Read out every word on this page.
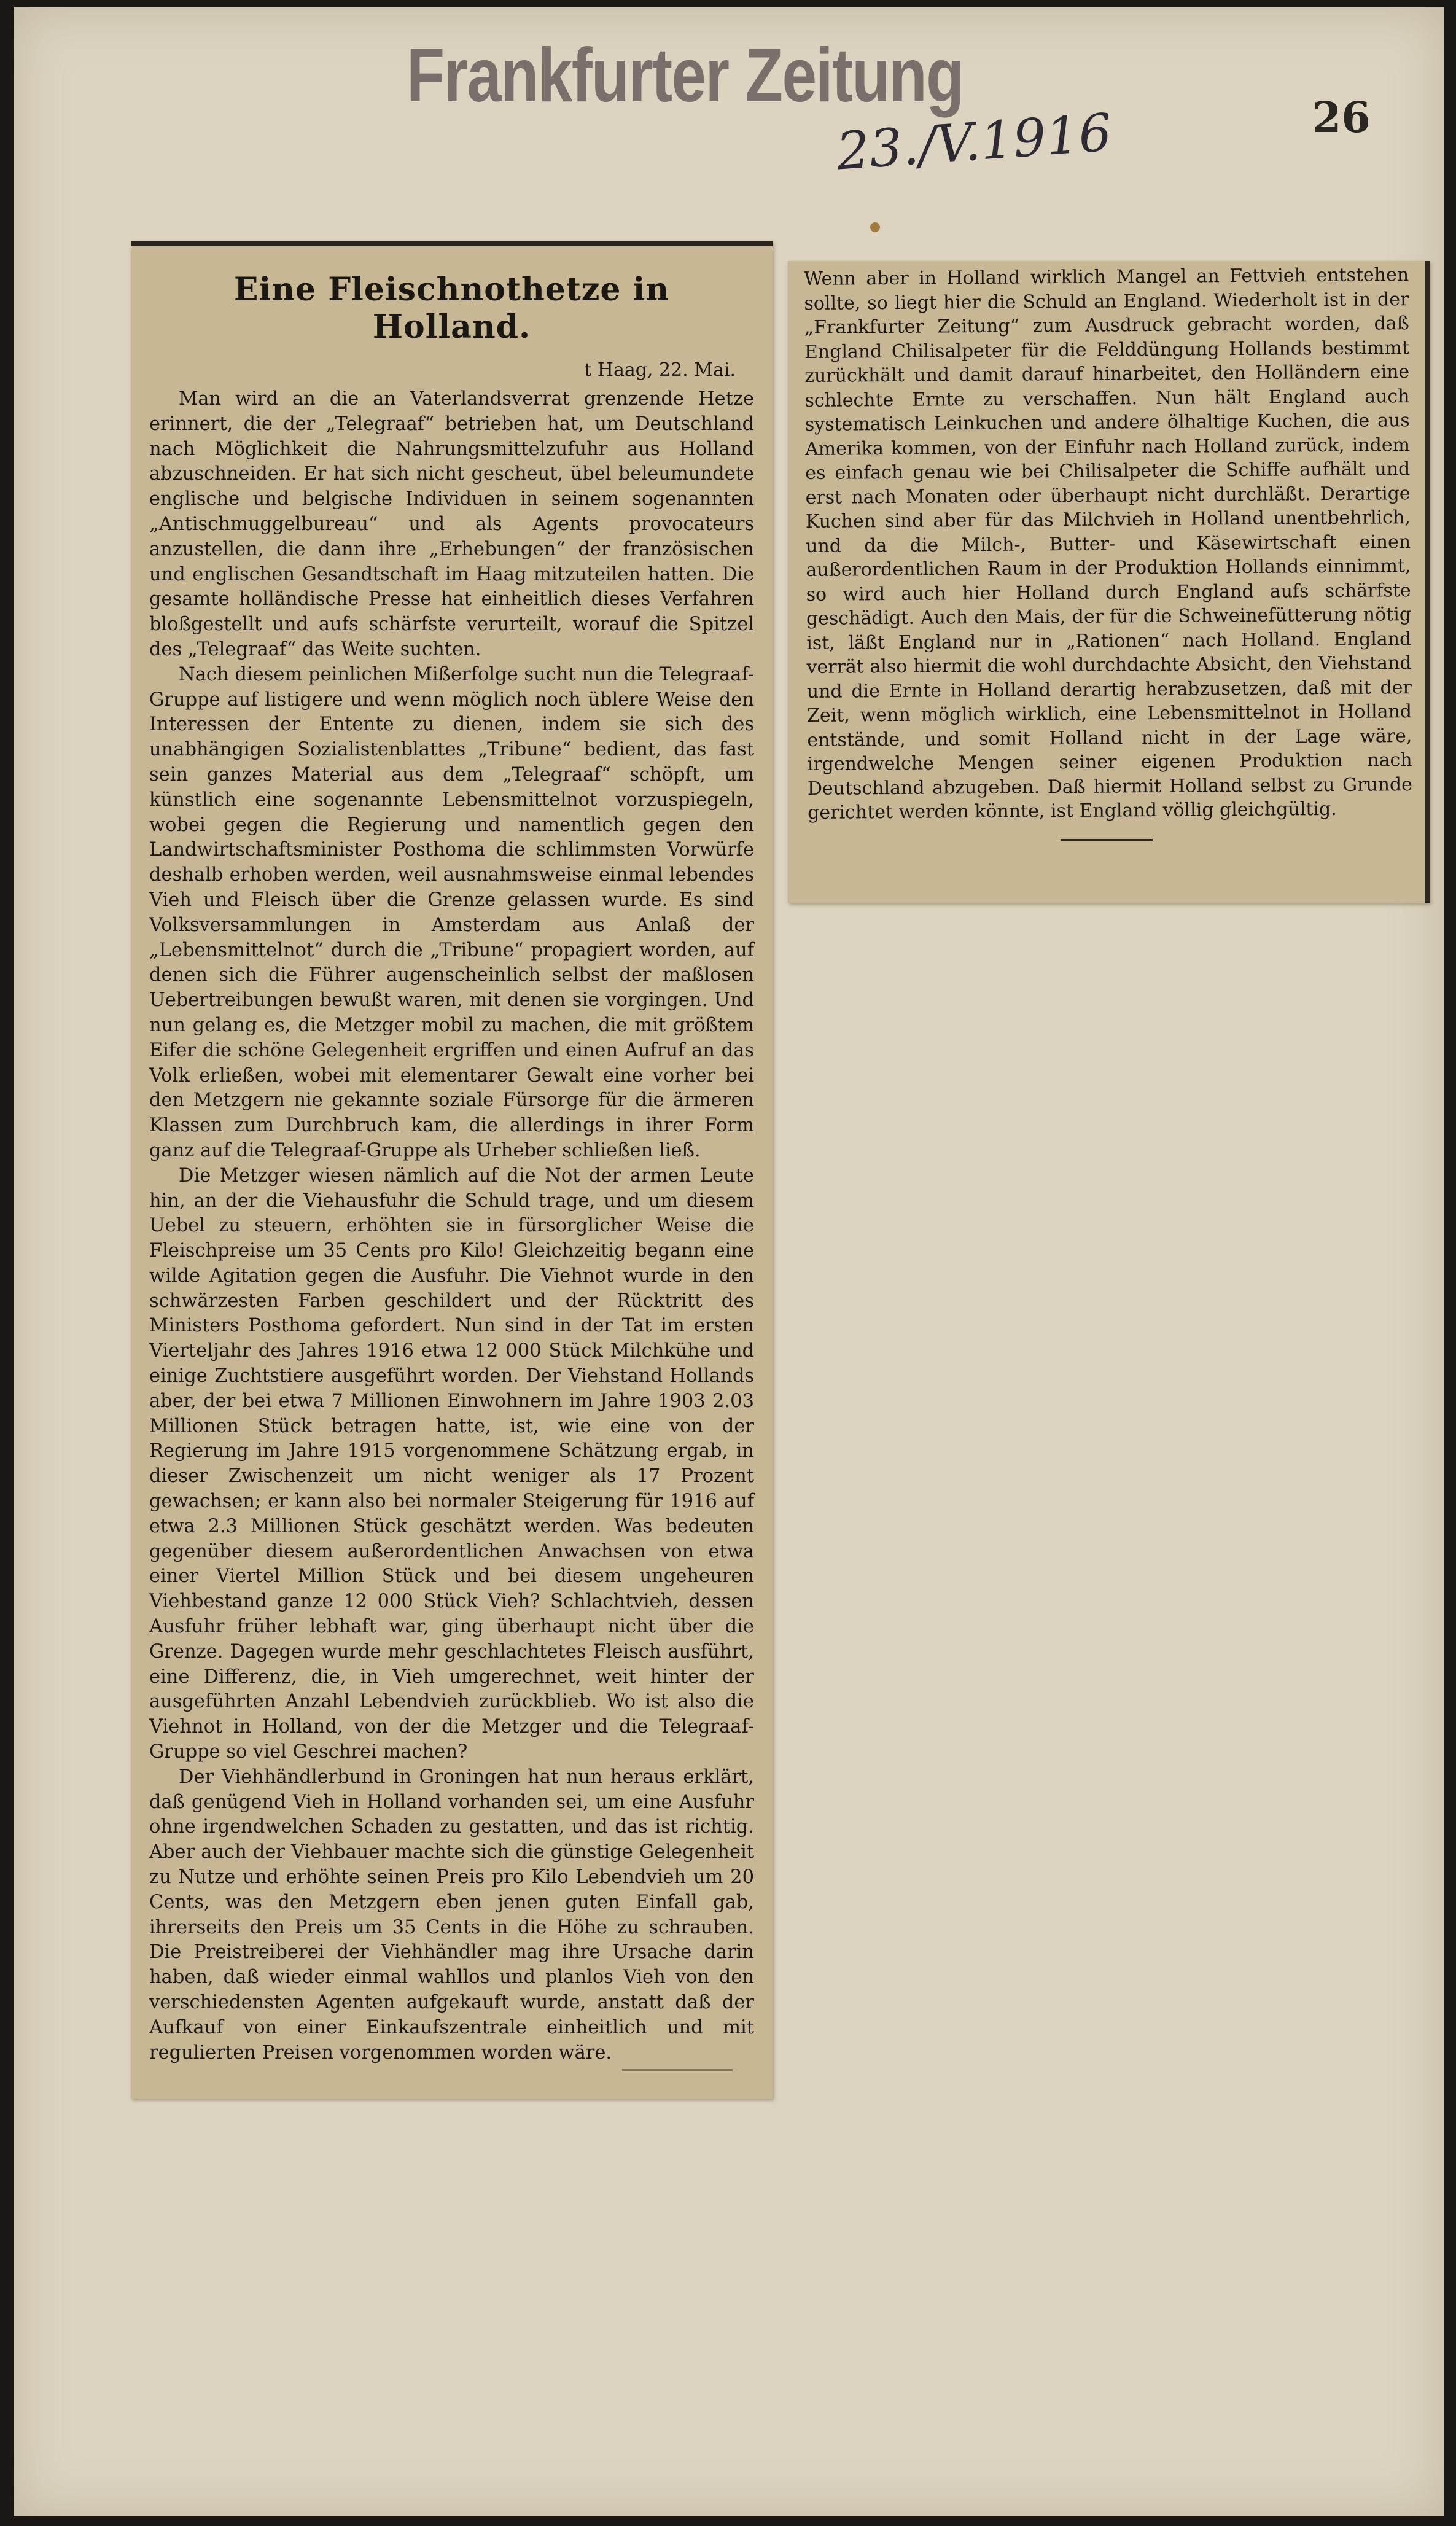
Frankfurter Zeitung
23./V.1916	26
Eine Fleischnothetze in Holland.
t Haag, 22. Mai.

Man wird an die an Vaterlandsverrat grenzende Hetze erinnert, die der „Telegraaf“ betrieben hat, um Deutschland nach Möglichkeit die Nahrungsmittelzufuhr aus Holland abzuschneiden. Er hat sich nicht gescheut, übel beleumundete englische und belgische Individuen in seinem sogenannten „Antischmuggelbureau“ und als Agents provocateurs anzustellen, die dann ihre „Erhebungen“ der französischen und englischen Gesandtschaft im Haag mitzuteilen hatten. Die gesamte holländische Presse hat einheitlich dieses Verfahren bloßgestellt und aufs schärfste verurteilt, worauf die Spitzel des „Telegraaf“ das Weite suchten.

Nach diesem peinlichen Mißerfolge sucht nun die Telegraaf-Gruppe auf listigere und wenn möglich noch üblere Weise den Interessen der Entente zu dienen, indem sie sich des unabhängigen Sozialistenblattes „Tribune“ bedient, das fast sein ganzes Material aus dem „Telegraaf“ schöpft, um künstlich eine sogenannte Lebensmittelnot vorzuspiegeln, wobei gegen die Regierung und namentlich gegen den Landwirtschaftsminister Posthoma die schlimmsten Vorwürfe deshalb erhoben werden, weil ausnahmsweise einmal lebendes Vieh und Fleisch über die Grenze gelassen wurde. Es sind Volksversammlungen in Amsterdam aus Anlaß der „Lebensmittelnot“ durch die „Tribune“ propagiert worden, auf denen sich die Führer augenscheinlich selbst der maßlosen Uebertreibungen bewußt waren, mit denen sie vorgingen. Und nun gelang es, die Metzger mobil zu machen, die mit größtem Eifer die schöne Gelegenheit ergriffen und einen Aufruf an das Volk erließen, wobei mit elementarer Gewalt eine vorher bei den Metzgern nie gekannte soziale Fürsorge für die ärmeren Klassen zum Durchbruch kam, die allerdings in ihrer Form ganz auf die Telegraaf-Gruppe als Urheber schließen ließ.

Die Metzger wiesen nämlich auf die Not der armen Leute hin, an der die Viehausfuhr die Schuld trage, und um diesem Uebel zu steuern, erhöhten sie in fürsorglicher Weise die Fleischpreise um 35 Cents pro Kilo! Gleichzeitig begann eine wilde Agitation gegen die Ausfuhr. Die Viehnot wurde in den schwärzesten Farben geschildert und der Rücktritt des Ministers Posthoma gefordert. Nun sind in der Tat im ersten Vierteljahr des Jahres 1916 etwa 12 000 Stück Milchkühe und einige Zuchtstiere ausgeführt worden. Der Viehstand Hollands aber, der bei etwa 7 Millionen Einwohnern im Jahre 1903 2.03 Millionen Stück betragen hatte, ist, wie eine von der Regierung im Jahre 1915 vorgenommene Schätzung ergab, in dieser Zwischenzeit um nicht weniger als 17 Prozent gewachsen; er kann also bei normaler Steigerung für 1916 auf etwa 2.3 Millionen Stück geschätzt werden. Was bedeuten gegenüber diesem außerordentlichen Anwachsen von etwa einer Viertel Million Stück und bei diesem ungeheuren Viehbestand ganze 12 000 Stück Vieh? Schlachtvieh, dessen Ausfuhr früher lebhaft war, ging überhaupt nicht über die Grenze. Dagegen wurde mehr geschlachtetes Fleisch ausführt, eine Differenz, die, in Vieh umgerechnet, weit hinter der ausgeführten Anzahl Lebendvieh zurückblieb. Wo ist also die Viehnot in Holland, von der die Metzger und die Telegraaf-Gruppe so viel Geschrei machen?

Der Viehhändlerbund in Groningen hat nun heraus erklärt, daß genügend Vieh in Holland vorhanden sei, um eine Ausfuhr ohne irgendwelchen Schaden zu gestatten, und das ist richtig. Aber auch der Viehbauer machte sich die günstige Gelegenheit zu Nutze und erhöhte seinen Preis pro Kilo Lebendvieh um 20 Cents, was den Metzgern eben jenen guten Einfall gab, ihrerseits den Preis um 35 Cents in die Höhe zu schrauben. Die Preistreiberei der Viehhändler mag ihre Ursache darin haben, daß wieder einmal wahllos und planlos Vieh von den verschiedensten Agenten aufgekauft wurde, anstatt daß der Aufkauf von einer Einkaufszentrale einheitlich und mit regulierten Preisen vorgenommen worden wäre.

Wenn aber in Holland wirklich Mangel an Fettvieh entstehen sollte, so liegt hier die Schuld an England. Wiederholt ist in der „Frankfurter Zeitung“ zum Ausdruck gebracht worden, daß England Chilisalpeter für die Felddüngung Hollands bestimmt zurückhält und damit darauf hinarbeitet, den Holländern eine schlechte Ernte zu verschaffen. Nun hält England auch systematisch Leinkuchen und andere ölhaltige Kuchen, die aus Amerika kommen, von der Einfuhr nach Holland zurück, indem es einfach genau wie bei Chilisalpeter die Schiffe aufhält und erst nach Monaten oder überhaupt nicht durchläßt. Derartige Kuchen sind aber für das Milchvieh in Holland unentbehrlich, und da die Milch-, Butter- und Käsewirtschaft einen außerordentlichen Raum in der Produktion Hollands einnimmt, so wird auch hier Holland durch England aufs schärfste geschädigt. Auch den Mais, der für die Schweinefütterung nötig ist, läßt England nur in „Rationen“ nach Holland. England verrät also hiermit die wohl durchdachte Absicht, den Viehstand und die Ernte in Holland derartig herabzusetzen, daß mit der Zeit, wenn möglich wirklich, eine Lebensmittelnot in Holland entstände, und somit Holland nicht in der Lage wäre, irgendwelche Mengen seiner eigenen Produktion nach Deutschland abzugeben. Daß hiermit Holland selbst zu Grunde gerichtet werden könnte, ist England völlig gleichgültig.
